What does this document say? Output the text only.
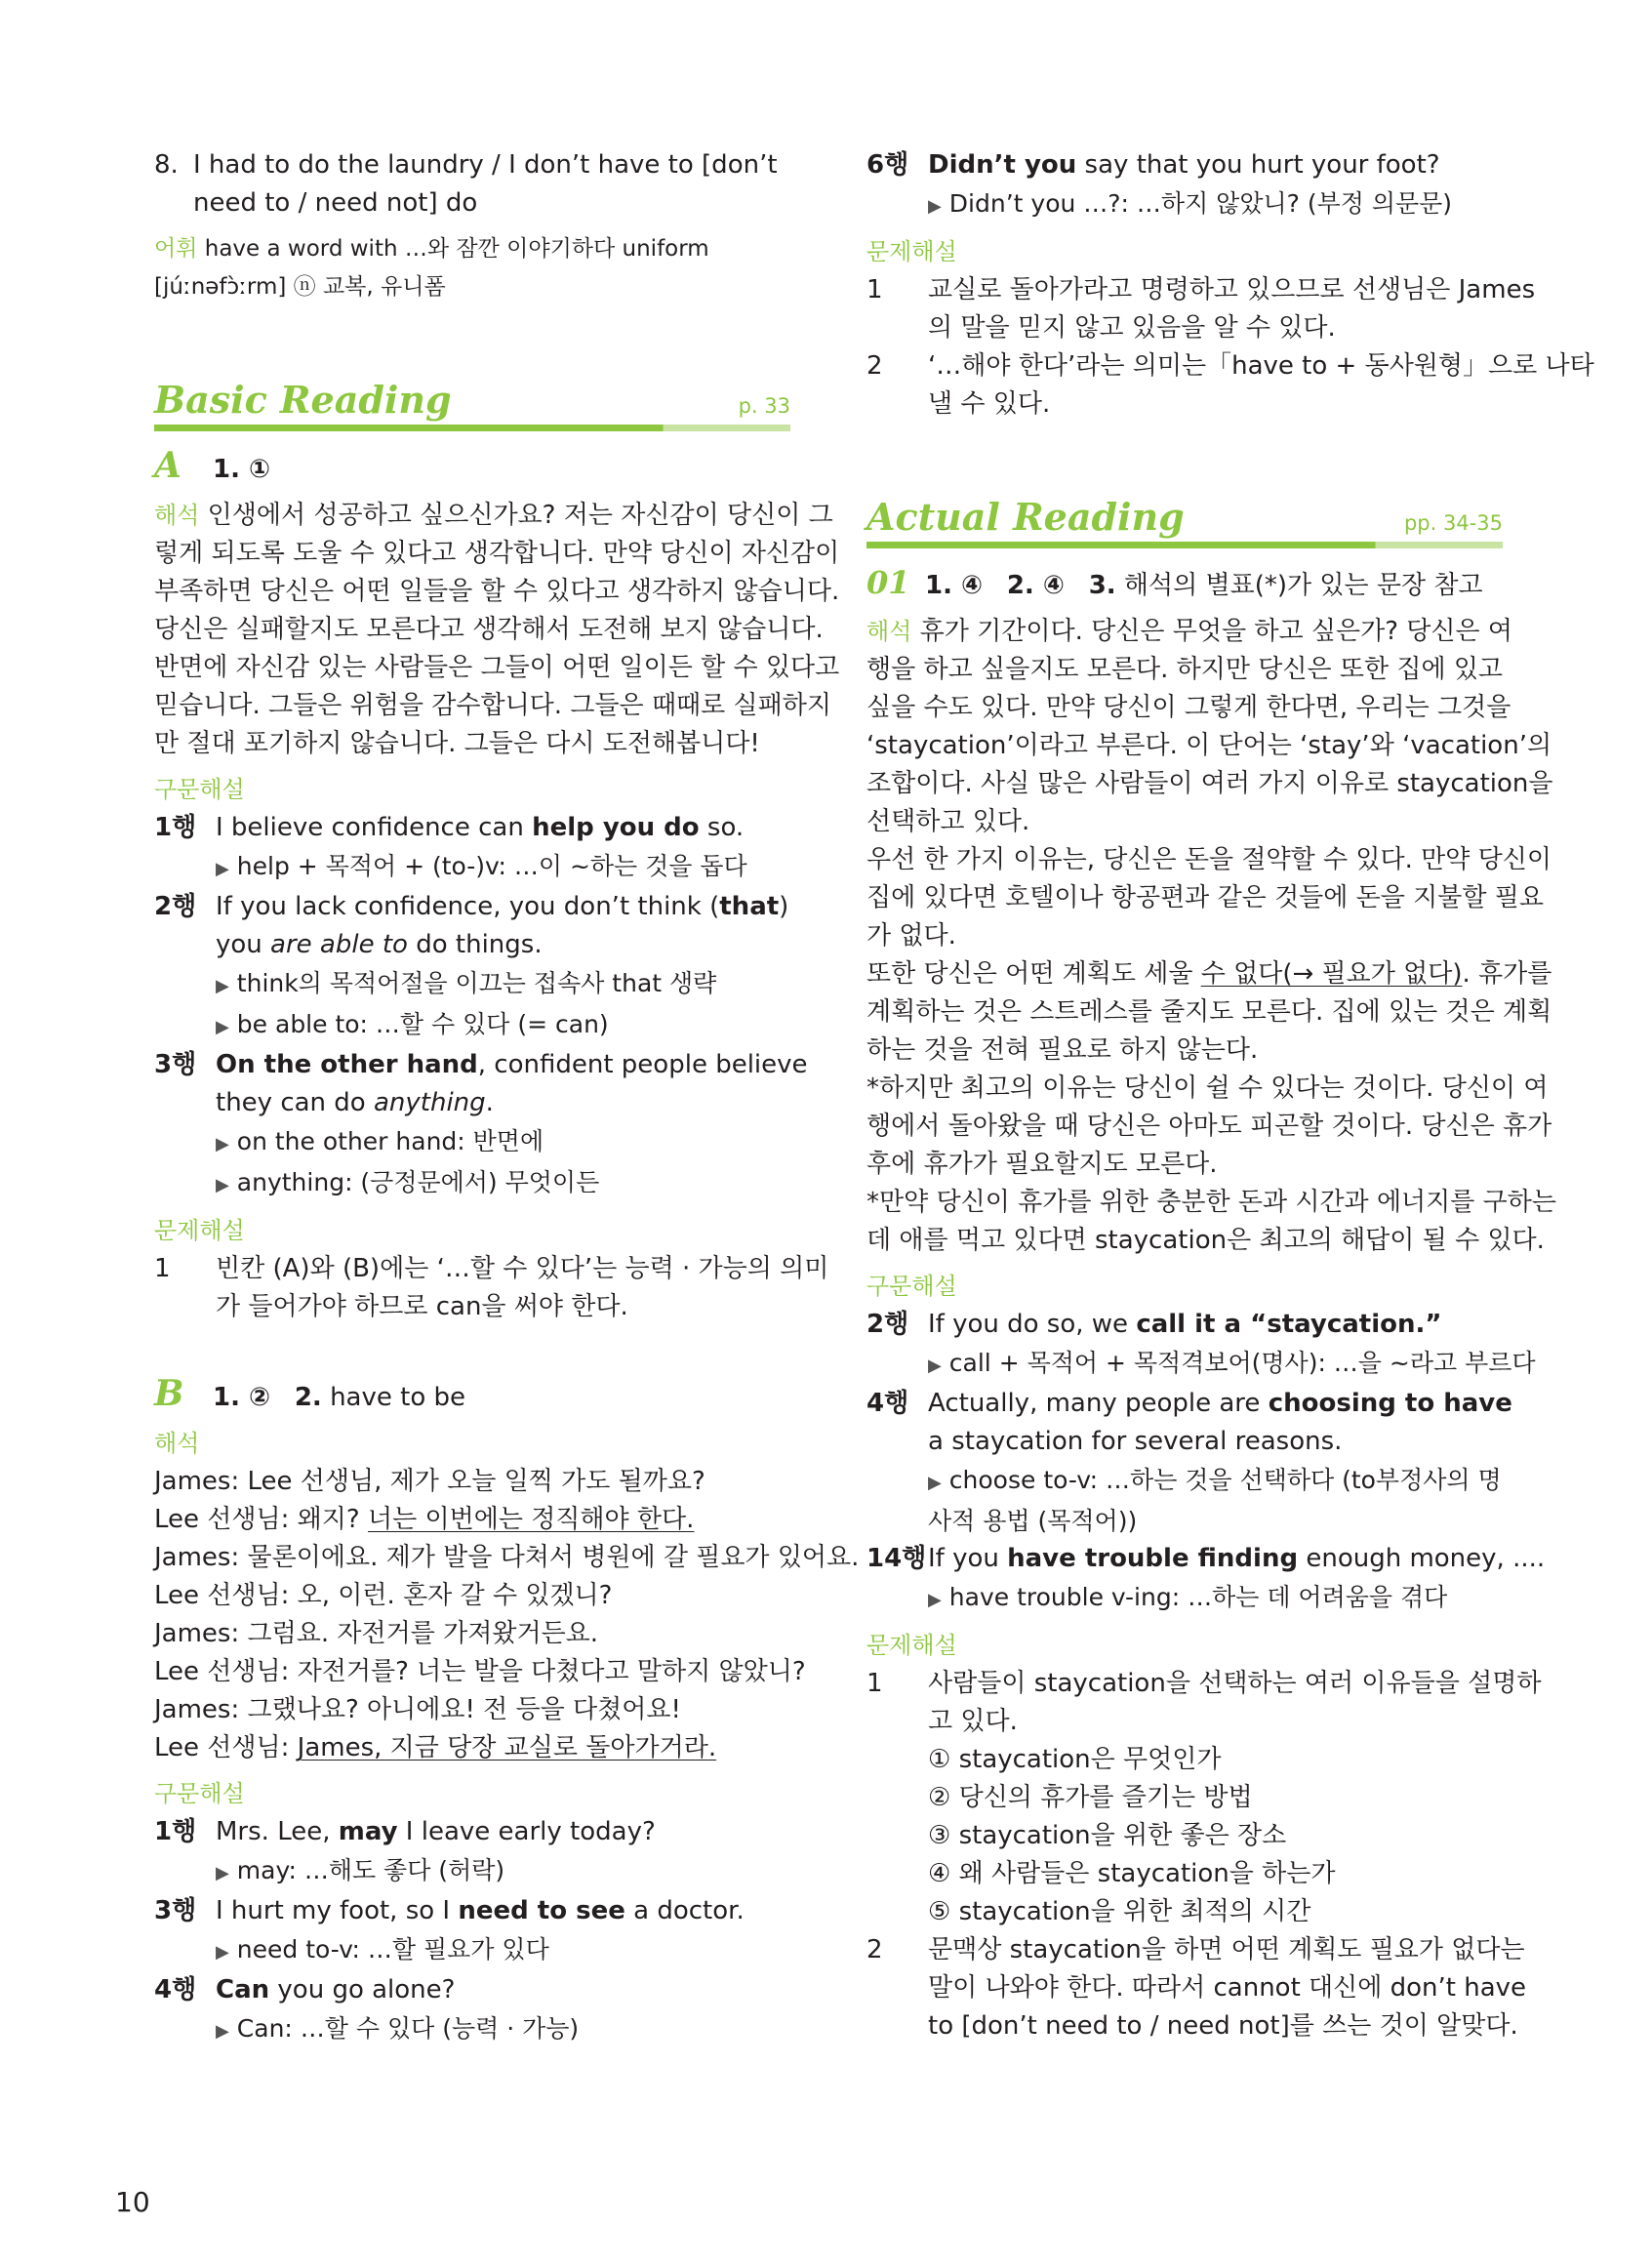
8. I had to do the laundry / I don’t have to [don’t
need to / need not] do
어휘 have a word with …와 잠깐 이야기하다 uniform
[júːnəfɔ̀ːrm] ⓝ 교복, 유니폼
Basic Reading	p. 33

A 1. ①

해석 인생에서 성공하고 싶으신가요? 저는 자신감이 당신이 그

렇게 되도록 도울 수 있다고 생각합니다. 만약 당신이 자신감이

부족하면 당신은 어떤 일들을 할 수 있다고 생각하지 않습니다.

당신은 실패할지도 모른다고 생각해서 도전해 보지 않습니다.

반면에 자신감 있는 사람들은 그들이 어떤 일이든 할 수 있다고

믿습니다. 그들은 위험을 감수합니다. 그들은 때때로 실패하지

만 절대 포기하지 않습니다. 그들은 다시 도전해봅니다!

구문해설

1행 I believe confidence can help you do so.
▶ help + 목적어 + (to-)v: …이 ~하는 것을 돕다
2행 If you lack confidence, you don’t think (that)
you are able to do things.
▶ think의 목적어절을 이끄는 접속사 that 생략
▶ be able to: …할 수 있다 (= can)
3행 On the other hand, confident people believe
they can do anything.
▶ on the other hand: 반면에
▶ anything: (긍정문에서) 무엇이든

문제해설

1	빈칸 (A)와 (B)에는 ‘…할 수 있다’는 능력 · 가능의 의미
가 들어가야 하므로 can을 써야 한다.

B 1. ② 2. have to be

해석

James: Lee 선생님, 제가 오늘 일찍 가도 될까요?

Lee 선생님: 왜지? 너는 이번에는 정직해야 한다.

James: 물론이에요. 제가 발을 다쳐서 병원에 갈 필요가 있어요.

Lee 선생님: 오, 이런. 혼자 갈 수 있겠니?

James: 그럼요. 자전거를 가져왔거든요.

Lee 선생님: 자전거를? 너는 발을 다쳤다고 말하지 않았니?

James: 그랬나요? 아니에요! 전 등을 다쳤어요!

Lee 선생님: James, 지금 당장 교실로 돌아가거라.

구문해설

1행 Mrs. Lee, may I leave early today?
▶ may: …해도 좋다 (허락)
3행 I hurt my foot, so I need to see a doctor.
▶ need to-v: …할 필요가 있다
4행 Can you go alone?
▶ Can: …할 수 있다 (능력 · 가능)
6행 Didn’t you say that you hurt your foot?
▶ Didn’t you …?: …하지 않았니? (부정 의문문)

문제해설

1	교실로 돌아가라고 명령하고 있으므로 선생님은 James
의 말을 믿지 않고 있음을 알 수 있다.
2	‘…해야 한다’라는 의미는「have to + 동사원형」으로 나타
낼 수 있다.
Actual Reading	pp. 34-35

01 1. ④ 2. ④ 3. 해석의 별표(*)가 있는 문장 참고

해석 휴가 기간이다. 당신은 무엇을 하고 싶은가? 당신은 여

행을 하고 싶을지도 모른다. 하지만 당신은 또한 집에 있고

싶을 수도 있다. 만약 당신이 그렇게 한다면, 우리는 그것을

‘staycation’이라고 부른다. 이 단어는 ‘stay’와 ‘vacation’의

조합이다. 사실 많은 사람들이 여러 가지 이유로 staycation을

선택하고 있다.

우선 한 가지 이유는, 당신은 돈을 절약할 수 있다. 만약 당신이

집에 있다면 호텔이나 항공편과 같은 것들에 돈을 지불할 필요

가 없다.

또한 당신은 어떤 계획도 세울 수 없다(→ 필요가 없다). 휴가를

계획하는 것은 스트레스를 줄지도 모른다. 집에 있는 것은 계획

하는 것을 전혀 필요로 하지 않는다.

*하지만 최고의 이유는 당신이 쉴 수 있다는 것이다. 당신이 여

행에서 돌아왔을 때 당신은 아마도 피곤할 것이다. 당신은 휴가

후에 휴가가 필요할지도 모른다.

*만약 당신이 휴가를 위한 충분한 돈과 시간과 에너지를 구하는

데 애를 먹고 있다면 staycation은 최고의 해답이 될 수 있다.

구문해설

2행 If you do so, we call it a “staycation.”
▶ call + 목적어 + 목적격보어(명사): …을 ~라고 부르다
4행 Actually, many people are choosing to have
a staycation for several reasons.
▶ choose to-v: …하는 것을 선택하다 (to부정사의 명
사적 용법 (목적어))
14행 If you have trouble finding enough money, ....
▶ have trouble v-ing: …하는 데 어려움을 겪다

문제해설

1	사람들이 staycation을 선택하는 여러 이유들을 설명하
고 있다.
① staycation은 무엇인가
② 당신의 휴가를 즐기는 방법
③ staycation을 위한 좋은 장소
④ 왜 사람들은 staycation을 하는가
⑤ staycation을 위한 최적의 시간
2	문맥상 staycation을 하면 어떤 계획도 필요가 없다는
말이 나와야 한다. 따라서 cannot 대신에 don’t have
to [don’t need to / need not]를 쓰는 것이 알맞다.
10
